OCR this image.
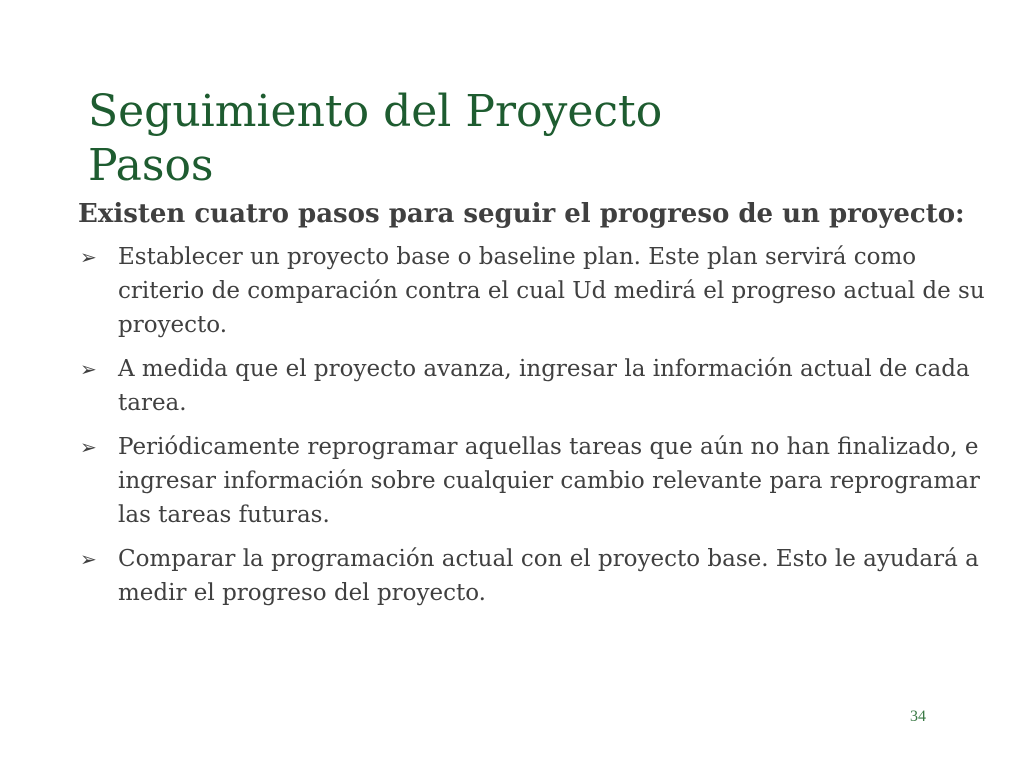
Seguimiento del Proyecto
Pasos

Existen cuatro pasos para seguir el progreso de un proyecto:

➢ Establecer un proyecto base o baseline plan. Este plan servirá como criterio de comparación contra el cual Ud medirá el progreso actual de su proyecto.
➢ A medida que el proyecto avanza, ingresar la información actual de cada tarea.
➢ Periódicamente reprogramar aquellas tareas que aún no han finalizado, e ingresar información sobre cualquier cambio relevante para reprogramar las tareas futuras.
➢ Comparar la programación actual con el proyecto base. Esto le ayudará a medir el progreso del proyecto.
34
